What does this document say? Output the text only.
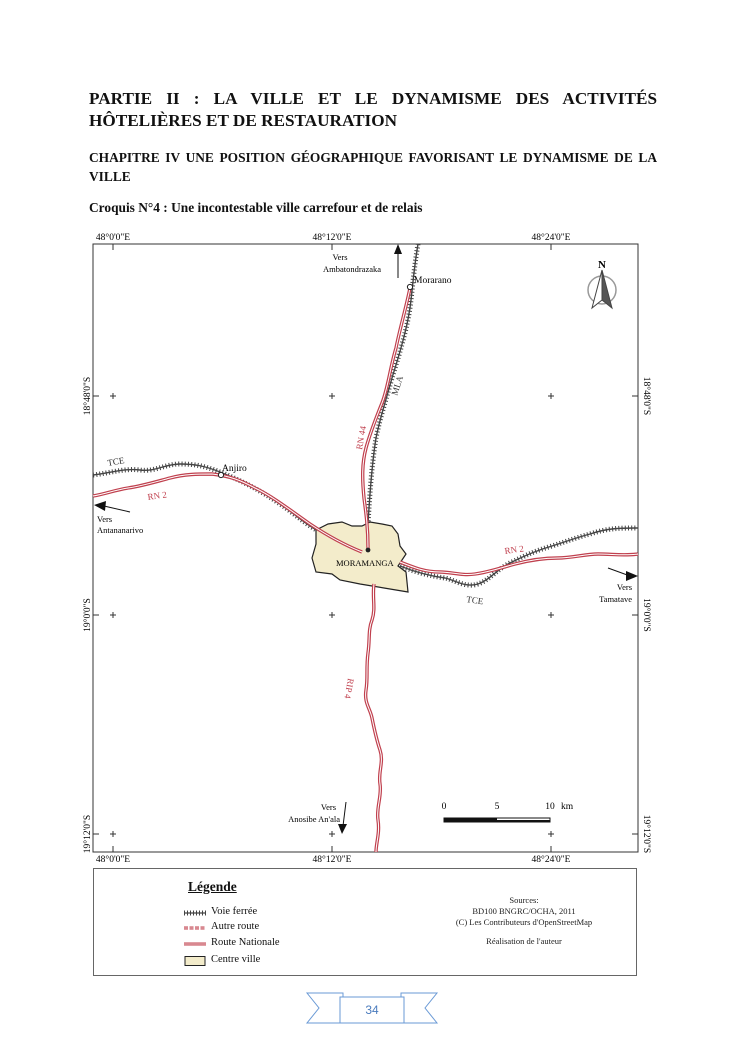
PARTIE II : LA VILLE ET LE DYNAMISME DES ACTIVITÉS HÔTELIÈRES ET DE RESTAURATION
CHAPITRE IV UNE POSITION GÉOGRAPHIQUE FAVORISANT LE DYNAMISME DE LA VILLE
Croquis N°4 : Une incontestable ville carrefour et de relais
48°0'0"E	48°12'0"E	48°24'0"E
48°0'0"E	48°12'0"E	48°24'0"E
18°48'0"S
19°0'0"S
19°12'0"S
18°48'0"S
19°0'0"S
19°12'0"S
Morarano
Anjiro
MORAMANGA
RN 44
MLA
TCE
RN 2
RN 2
TCE
RIP 4
Vers
Ambatondrazaka
Vers
Antananarivo
Vers
Tamatave
Vers
Anosibe An'ala
N
0	5	10 km
Légende
Voie ferrée
Autre route
Route Nationale
Centre ville
Sources:
BD100 BNGRC/OCHA, 2011
(C) Les Contributeurs d'OpenStreetMap
Réalisation de l'auteur
34
